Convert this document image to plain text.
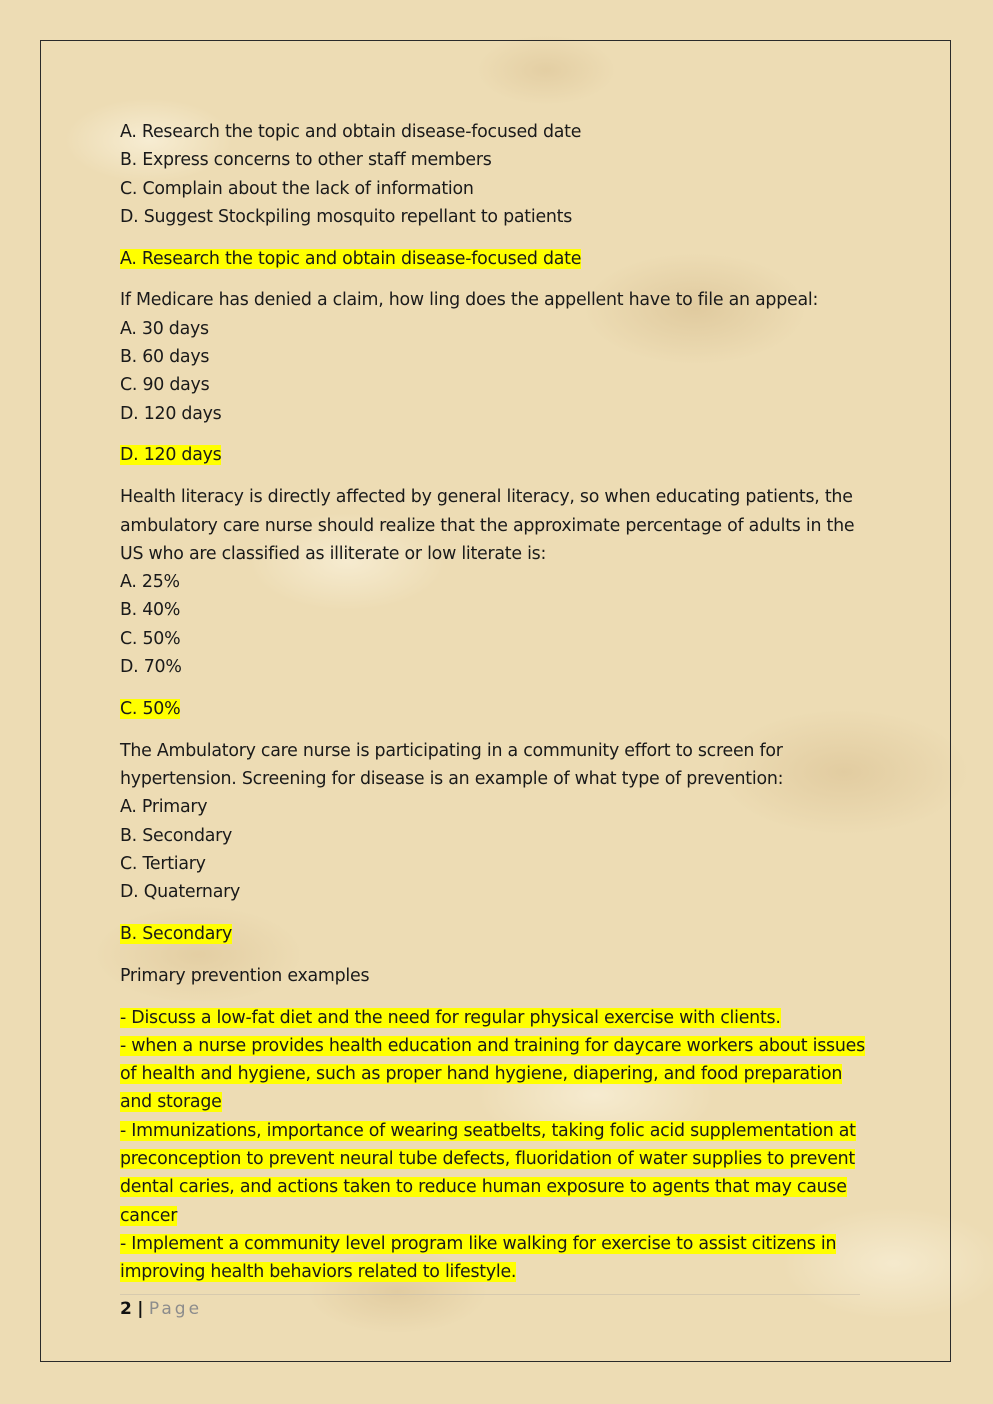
A. Research the topic and obtain disease-focused date
B. Express concerns to other staff members
C. Complain about the lack of information
D. Suggest Stockpiling mosquito repellant to patients
A. Research the topic and obtain disease-focused date
If Medicare has denied a claim, how ling does the appellent have to file an appeal:
A. 30 days
B. 60 days
C. 90 days
D. 120 days
D. 120 days
Health literacy is directly affected by general literacy, so when educating patients, the
ambulatory care nurse should realize that the approximate percentage of adults in the
US who are classified as illiterate or low literate is:
A. 25%
B. 40%
C. 50%
D. 70%
C. 50%
The Ambulatory care nurse is participating in a community effort to screen for
hypertension. Screening for disease is an example of what type of prevention:
A. Primary
B. Secondary
C. Tertiary
D. Quaternary
B. Secondary
Primary prevention examples
- Discuss a low-fat diet and the need for regular physical exercise with clients.
- when a nurse provides health education and training for daycare workers about issues
of health and hygiene, such as proper hand hygiene, diapering, and food preparation
and storage
- Immunizations, importance of wearing seatbelts, taking folic acid supplementation at
preconception to prevent neural tube defects, fluoridation of water supplies to prevent
dental caries, and actions taken to reduce human exposure to agents that may cause
cancer
- Implement a community level program like walking for exercise to assist citizens in
improving health behaviors related to lifestyle.
2 | Page
